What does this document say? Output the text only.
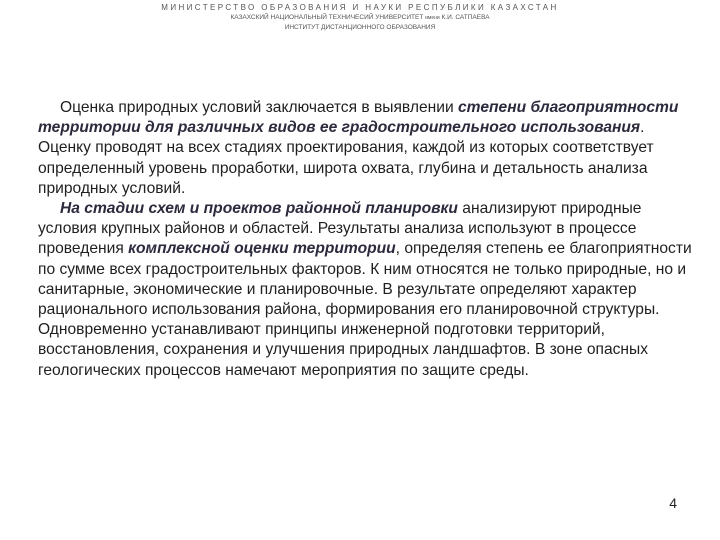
МИНИСТЕРСТВО ОБРАЗОВАНИЯ И НАУКИ РЕСПУБЛИКИ КАЗАХСТАН
КАЗАХСКИЙ НАЦИОНАЛЬНЫЙ ТЕХНИЧЕСИЙ УНИВЕРСИТЕТ имени К.И. САТПАЕВА
ИНСТИТУТ ДИСТАНЦИОННОГО ОБРАЗОВАНИЯ

Оценка природных условий заключается в выявлении степени благоприятности территории для различных видов ее градостроительного использования. Оценку проводят на всех стадиях проектирования, каждой из которых соответствует определенный уровень проработки, широта охвата, глубина и детальность анализа природных условий.

На стадии схем и проектов районной планировки анализируют природные условия крупных районов и областей. Результаты анализа используют в процессе проведения комплексной оценки территории, определяя степень ее благоприятности по сумме всех градостроительных факторов. К ним относятся не только природные, но и санитарные, экономические и планировочные. В результате определяют характер рационального использования района, формирования его планировочной структуры. Одновременно устанавливают принципы инженерной подготовки территорий, восстановления, сохранения и улучшения природных ландшафтов. В зоне опасных геологических процессов намечают мероприятия по защите среды.

4
